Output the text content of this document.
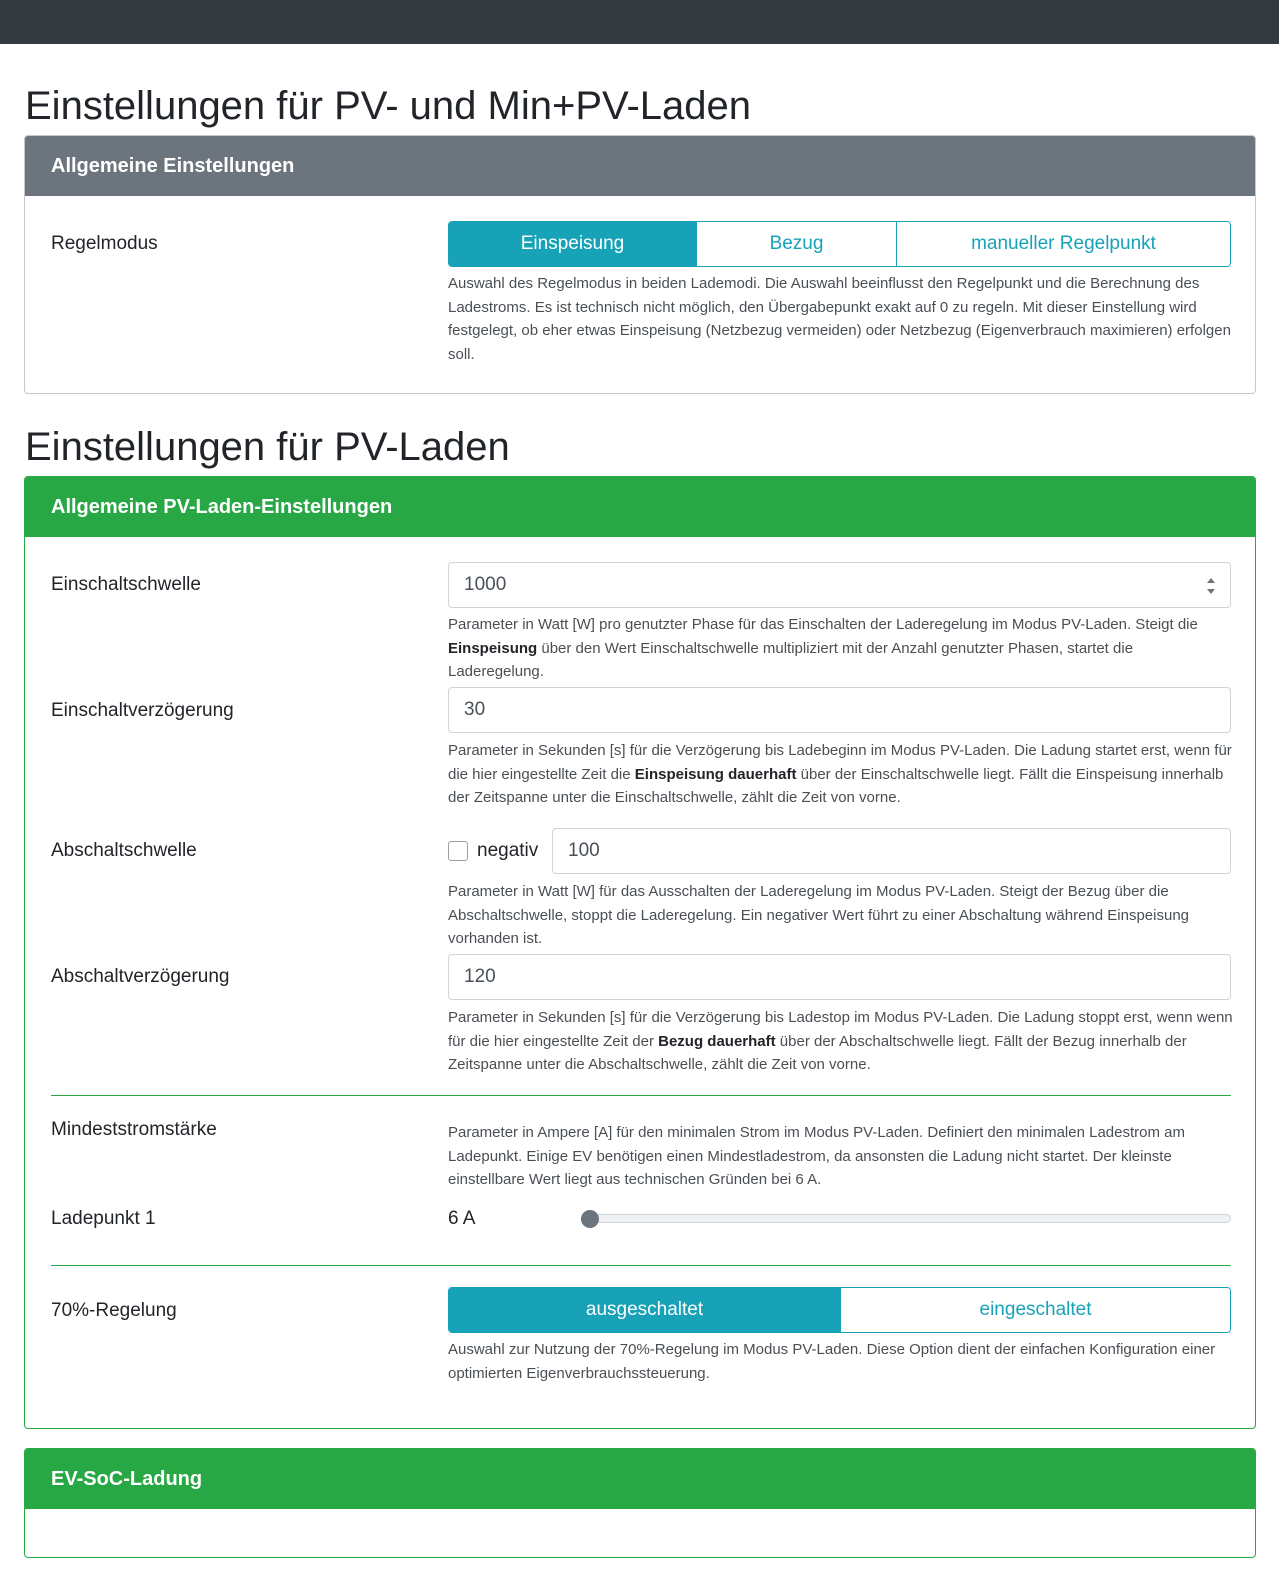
Einstellungen für PV- und Min+PV-Laden
Allgemeine Einstellungen
Regelmodus	Einspeisung	Bezug	manueller Regelpunkt
Auswahl des Regelmodus in beiden Lademodi. Die Auswahl beeinflusst den Regelpunkt und die Berechnung des Ladestroms. Es ist technisch nicht möglich, den Übergabepunkt exakt auf 0 zu regeln. Mit dieser Einstellung wird festgelegt, ob eher etwas Einspeisung (Netzbezug vermeiden) oder Netzbezug (Eigenverbrauch maximieren) erfolgen soll.
Einstellungen für PV-Laden
Allgemeine PV-Laden-Einstellungen
Einschaltschwelle	1000
Parameter in Watt [W] pro genutzter Phase für das Einschalten der Laderegelung im Modus PV-Laden. Steigt die Einspeisung über den Wert Einschaltschwelle multipliziert mit der Anzahl genutzter Phasen, startet die Laderegelung.
Einschaltverzögerung	30
Parameter in Sekunden [s] für die Verzögerung bis Ladebeginn im Modus PV-Laden. Die Ladung startet erst, wenn für die hier eingestellte Zeit die Einspeisung dauerhaft über der Einschaltschwelle liegt. Fällt die Einspeisung innerhalb der Zeitspanne unter die Einschaltschwelle, zählt die Zeit von vorne.
Abschaltschwelle	negativ	100
Parameter in Watt [W] für das Ausschalten der Laderegelung im Modus PV-Laden. Steigt der Bezug über die Abschaltschwelle, stoppt die Laderegelung. Ein negativer Wert führt zu einer Abschaltung während Einspeisung vorhanden ist.
Abschaltverzögerung	120
Parameter in Sekunden [s] für die Verzögerung bis Ladestop im Modus PV-Laden. Die Ladung stoppt erst, wenn wenn für die hier eingestellte Zeit der Bezug dauerhaft über der Abschaltschwelle liegt. Fällt der Bezug innerhalb der Zeitspanne unter die Abschaltschwelle, zählt die Zeit von vorne.
Mindeststromstärke	Parameter in Ampere [A] für den minimalen Strom im Modus PV-Laden. Definiert den minimalen Ladestrom am Ladepunkt. Einige EV benötigen einen Mindestladestrom, da ansonsten die Ladung nicht startet. Der kleinste einstellbare Wert liegt aus technischen Gründen bei 6 A.
Ladepunkt 1	6 A
70%-Regelung	ausgeschaltet	eingeschaltet
Auswahl zur Nutzung der 70%-Regelung im Modus PV-Laden. Diese Option dient der einfachen Konfiguration einer optimierten Eigenverbrauchssteuerung.
EV-SoC-Ladung
